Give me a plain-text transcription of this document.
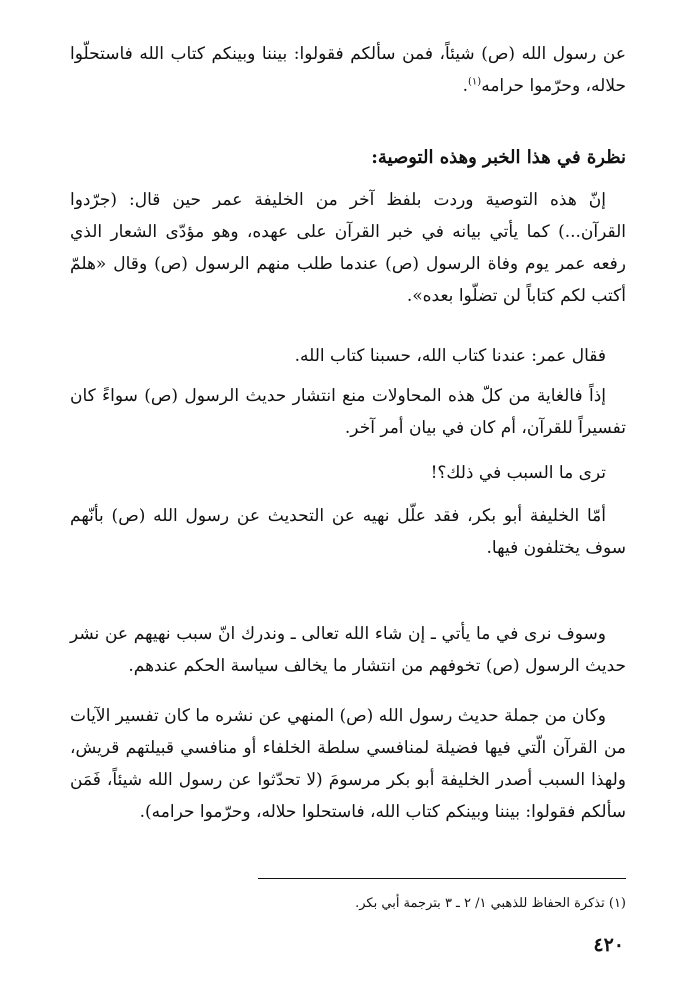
عن رسول الله (ص) شيئاً، فمن سألكم فقولوا: بيننا وبينكم كتاب الله فاستحلّوا حلاله، وحرّموا حرامه$^{(١)}$.

نظرة في هذا الخبر وهذه التوصية:

إنّ هذه التوصية وردت بلفظ آخر من الخليفة عمر حين قال: (جرّدوا القرآن...) كما يأتي بيانه في خبر القرآن على عهده، وهو مؤدّى الشعار الذي رفعه عمر يوم وفاة الرسول (ص) عندما طلب منهم الرسول (ص) وقال «هلمّ أكتب لكم كتاباً لن تضلّوا بعده».

فقال عمر: عندنا كتاب الله، حسبنا كتاب الله.

إذاً فالغاية من كلّ هذه المحاولات منع انتشار حديث الرسول (ص) سواءً كان تفسيراً للقرآن، أم كان في بيان أمر آخر.

ترى ما السبب في ذلك؟!

أمّا الخليفة أبو بكر، فقد علّل نهيه عن التحديث عن رسول الله (ص) بأنّهم سوف يختلفون فيها.

وسوف نرى في ما يأتي ـ إن شاء الله تعالى ـ وندرك انّ سبب نهيهم عن نشر حديث الرسول (ص) تخوفهم من انتشار ما يخالف سياسة الحكم عندهم.

وكان من جملة حديث رسول الله (ص) المنهي عن نشره ما كان تفسير الآيات من القرآن الّتي فيها فضيلة لمنافسي سلطة الخلفاء أو منافسي قبيلتهم قريش، ولهذا السبب أصدر الخليفة أبو بكر مرسومَ (لا تحدّثوا عن رسول الله شيئاً، فَمَن سألكم فقولوا: بيننا وبينكم كتاب الله، فاستحلوا حلاله، وحرّموا حرامه).

(١) تذكرة الحفاظ للذهبي ١/ ٢ ـ ٣ بترجمة أبي بكر.

٤٢٠
